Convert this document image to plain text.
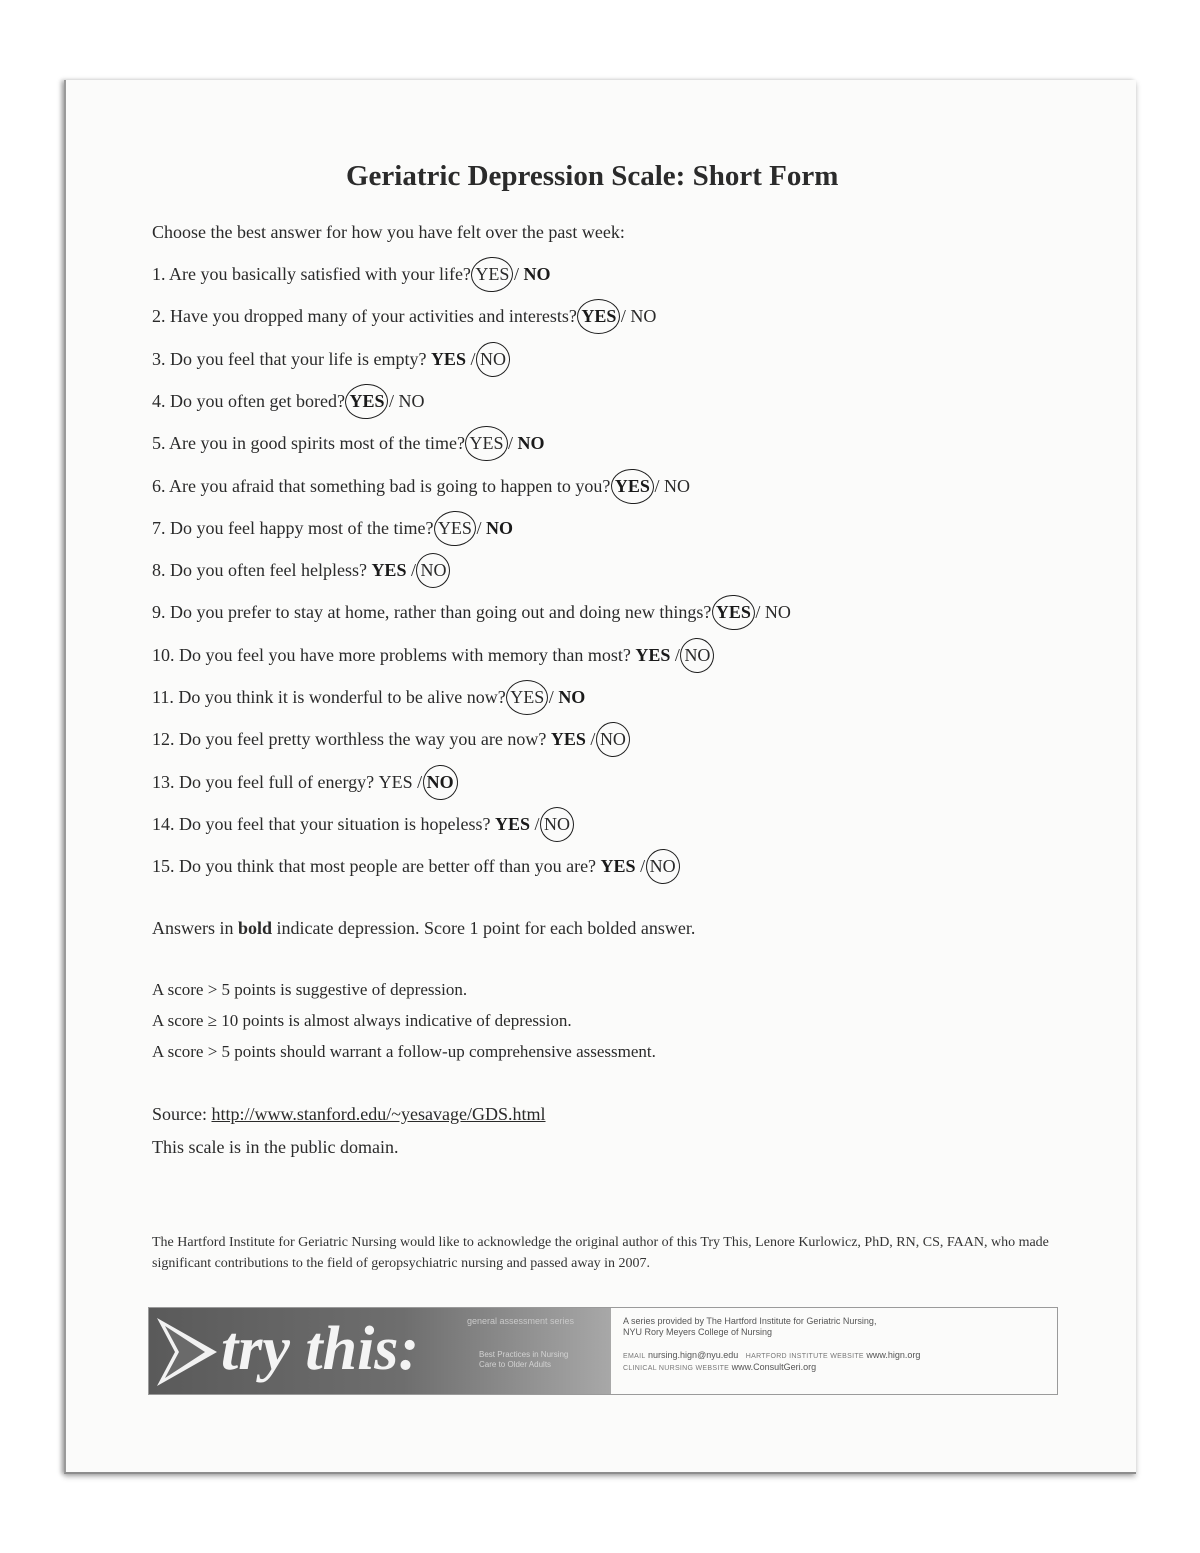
Geriatric Depression Scale: Short Form
Choose the best answer for how you have felt over the past week:
1. Are you basically satisfied with your life? YES / NO
2. Have you dropped many of your activities and interests? YES / NO
3. Do you feel that your life is empty? YES / NO
4. Do you often get bored? YES / NO
5. Are you in good spirits most of the time? YES / NO
6. Are you afraid that something bad is going to happen to you? YES / NO
7. Do you feel happy most of the time? YES / NO
8. Do you often feel helpless? YES / NO
9. Do you prefer to stay at home, rather than going out and doing new things? YES / NO
10. Do you feel you have more problems with memory than most? YES / NO
11. Do you think it is wonderful to be alive now? YES / NO
12. Do you feel pretty worthless the way you are now? YES / NO
13. Do you feel full of energy? YES / NO
14. Do you feel that your situation is hopeless? YES / NO
15. Do you think that most people are better off than you are? YES / NO
Answers in bold indicate depression. Score 1 point for each bolded answer.
A score > 5 points is suggestive of depression.
A score ≥ 10 points is almost always indicative of depression.
A score > 5 points should warrant a follow-up comprehensive assessment.
Source: http://www.stanford.edu/~yesavage/GDS.html
This scale is in the public domain.
The Hartford Institute for Geriatric Nursing would like to acknowledge the original author of this Try This, Lenore Kurlowicz, PhD, RN, CS, FAAN, who made significant contributions to the field of geropsychiatric nursing and passed away in 2007.
try this:	general assessment series
Best Practices in Nursing
Care to Older Adults
A series provided by The Hartford Institute for Geriatric Nursing,
NYU Rory Meyers College of Nursing
EMAIL nursing.hign@nyu.edu HARTFORD INSTITUTE WEBSITE www.hign.org
CLINICAL NURSING WEBSITE www.ConsultGeri.org
